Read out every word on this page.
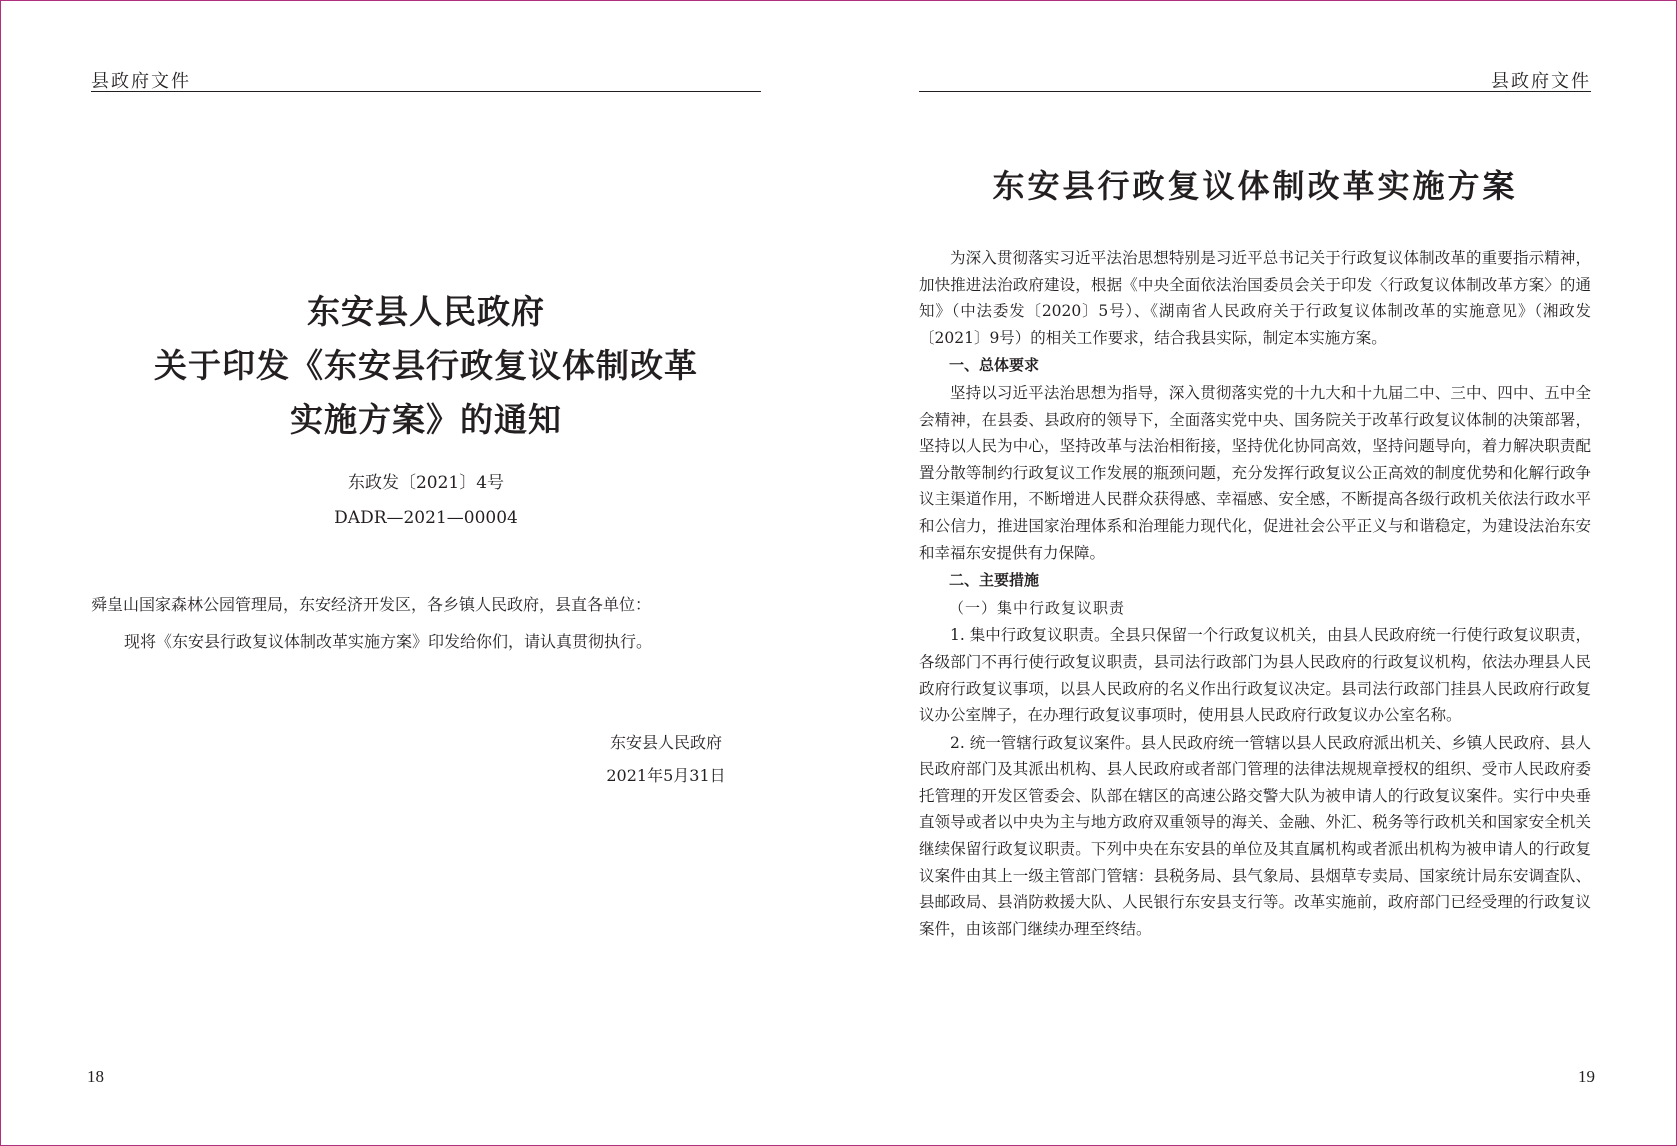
县政府文件
东安县人民政府
关于印发《东安县行政复议体制改革
实施方案》的通知
东政发〔2021〕4号
DADR—2021—00004
舜皇山国家森林公园管理局，东安经济开发区，各乡镇人民政府，县直各单位：
现将《东安县行政复议体制改革实施方案》印发给你们，请认真贯彻执行。
东安县人民政府
2021年5月31日
18
县政府文件
东安县行政复议体制改革实施方案

为深入贯彻落实习近平法治思想特别是习近平总书记关于行政复议体制改革的重要指示精神，加快推进法治政府建设，根据《中央全面依法治国委员会关于印发〈行政复议体制改革方案〉的通知》（中法委发〔2020〕5号）、《湖南省人民政府关于行政复议体制改革的实施意见》（湘政发〔2021〕9号）的相关工作要求，结合我县实际，制定本实施方案。

一、总体要求

坚持以习近平法治思想为指导，深入贯彻落实党的十九大和十九届二中、三中、四中、五中全会精神，在县委、县政府的领导下，全面落实党中央、国务院关于改革行政复议体制的决策部署，坚持以人民为中心，坚持改革与法治相衔接，坚持优化协同高效，坚持问题导向，着力解决职责配置分散等制约行政复议工作发展的瓶颈问题，充分发挥行政复议公正高效的制度优势和化解行政争议主渠道作用，不断增进人民群众获得感、幸福感、安全感，不断提高各级行政机关依法行政水平和公信力，推进国家治理体系和治理能力现代化，促进社会公平正义与和谐稳定，为建设法治东安和幸福东安提供有力保障。

二、主要措施

（一）集中行政复议职责

1. 集中行政复议职责。全县只保留一个行政复议机关，由县人民政府统一行使行政复议职责，各级部门不再行使行政复议职责，县司法行政部门为县人民政府的行政复议机构，依法办理县人民政府行政复议事项，以县人民政府的名义作出行政复议决定。县司法行政部门挂县人民政府行政复议办公室牌子，在办理行政复议事项时，使用县人民政府行政复议办公室名称。

2. 统一管辖行政复议案件。县人民政府统一管辖以县人民政府派出机关、乡镇人民政府、县人民政府部门及其派出机构、县人民政府或者部门管理的法律法规规章授权的组织、受市人民政府委托管理的开发区管委会、队部在辖区的高速公路交警大队为被申请人的行政复议案件。实行中央垂直领导或者以中央为主与地方政府双重领导的海关、金融、外汇、税务等行政机关和国家安全机关继续保留行政复议职责。下列中央在东安县的单位及其直属机构或者派出机构为被申请人的行政复议案件由其上一级主管部门管辖：县税务局、县气象局、县烟草专卖局、国家统计局东安调查队、县邮政局、县消防救援大队、人民银行东安县支行等。改革实施前，政府部门已经受理的行政复议案件，由该部门继续办理至终结。

19
